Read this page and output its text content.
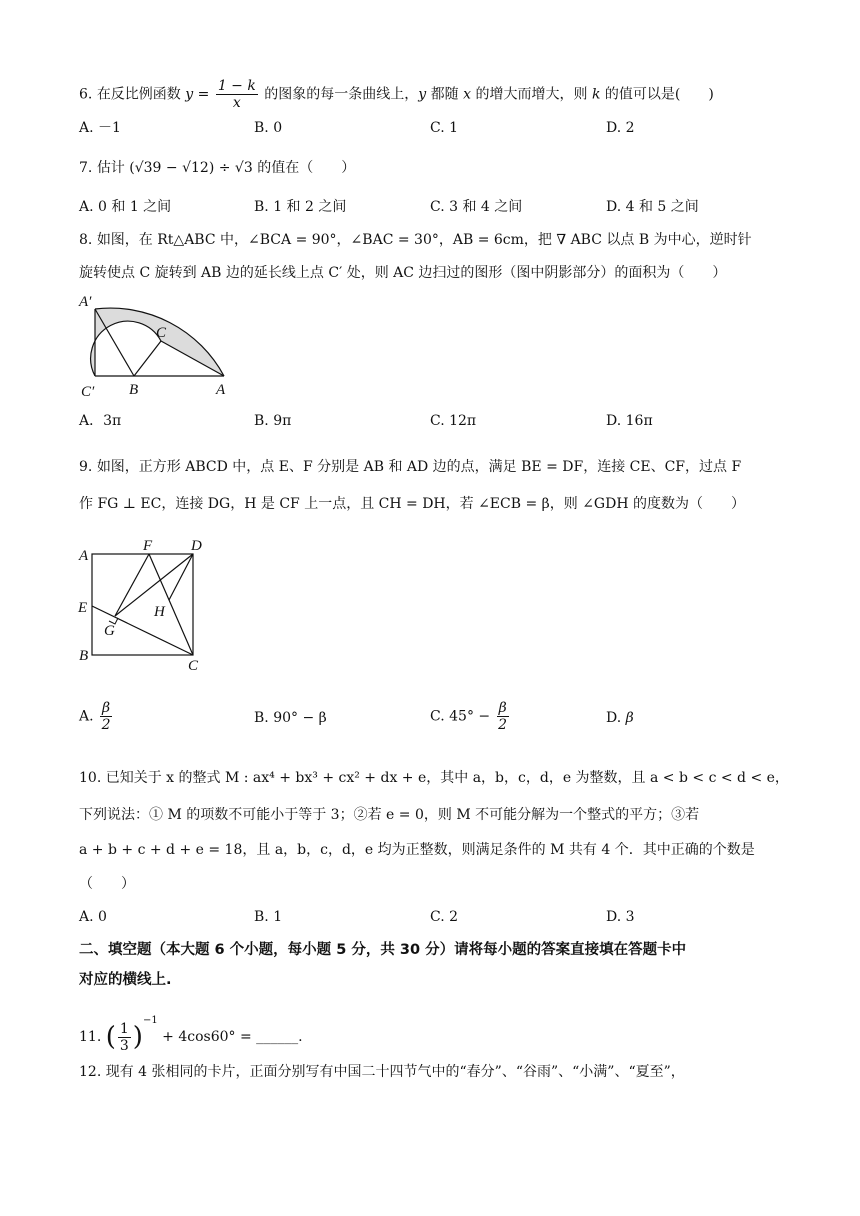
6. 在反比例函数 $y = \frac{1 - k}{x}$ 的图象的每一条曲线上，y 都随 x 的增大而增大，则 k 的值可以是(　　)
A. －1	B. 0	C. 1	D. 2
7. 估计 (√39 − √12) ÷ √3 的值在（　　）
A. 0 和 1 之间	B. 1 和 2 之间	C. 3 和 4 之间	D. 4 和 5 之间
8. 如图，在 Rt△ABC 中，∠BCA = 90°，∠BAC = 30°，AB = 6cm，把 ∇ ABC 以点 B 为中心，逆时针
旋转使点 C 旋转到 AB 边的延长线上点 C′ 处，则 AC 边扫过的图形（图中阴影部分）的面积为（　　）
A′
C
C′ B	A
A．3π	B. 9π	C. 12π	D. 16π
9. 如图，正方形 ABCD 中，点 E、F 分别是 AB 和 AD 边的点，满足 BE = DF，连接 CE、CF，过点 F
作 FG ⊥ EC，连接 DG，H 是 CF 上一点，且 CH = DH，若 ∠ECB = β，则 ∠GDH 的度数为（　　）
A
F	D
E	H
G
B
C
A. $\frac{\beta}{2}$	B. 90° − β	C. $45^\circ - \frac{\beta}{2}$	D. β
10. 已知关于 x 的整式 M : ax⁴ + bx³ + cx² + dx + e，其中 a，b，c，d，e 为整数，且 a < b < c < d < e，
下列说法：① M 的项数不可能小于等于 3；②若 e = 0，则 M 不可能分解为一个整式的平方；③若
a + b + c + d + e = 18，且 a，b，c，d，e 均为正整数，则满足条件的 M 共有 4 个．其中正确的个数是
（　　）
A. 0	B. 1	C. 2	D. 3
二、填空题（本大题 6 个小题，每小题 5 分，共 30 分）请将每小题的答案直接填在答题卡中
对应的横线上.
11. ( $\frac{1}{3} )^{-1} + 4\cos 60^\circ$ = ______.
12. 现有 4 张相同的卡片，正面分别写有中国二十四节气中的“春分”、“谷雨”、“小满”、“夏至”，
